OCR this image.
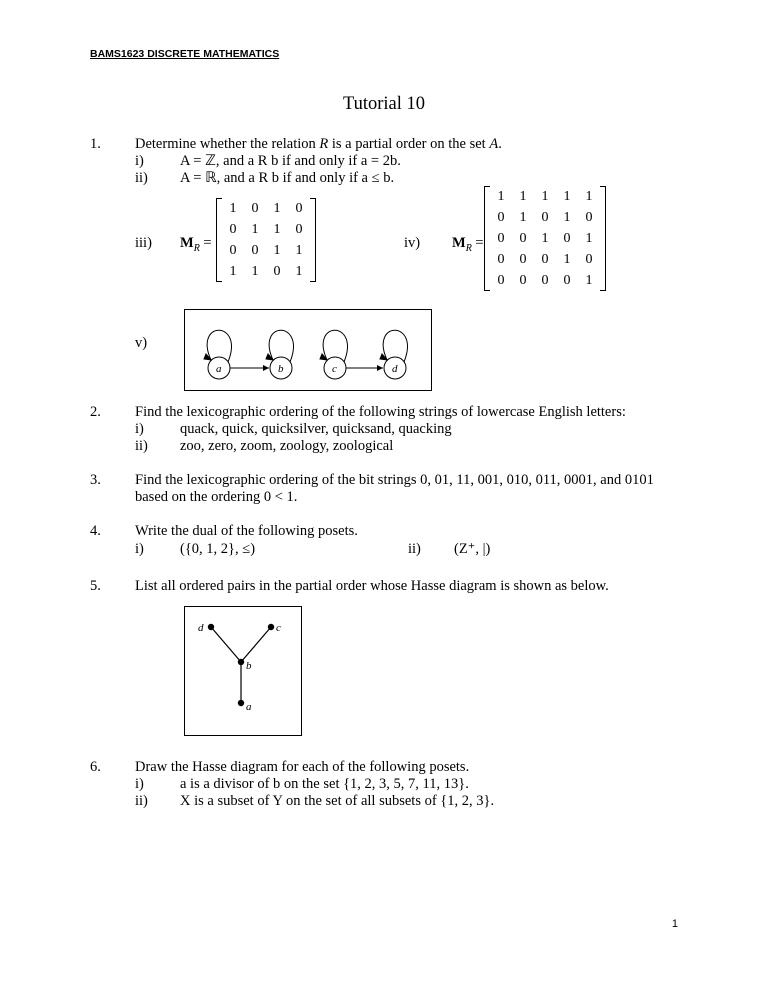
BAMS1623 DISCRETE MATHEMATICS
Tutorial 10
1. Determine whether the relation R is a partial order on the set A.
i) A = ℤ, and a R b if and only if a = 2b.
ii) A = ℝ, and a R b if and only if a ≤ b.
iii) $M_R$ =
1	0	1	0
0	1	1	0
0	0	1	1
1	1	0	1
iv) $M_R$ =
1	1	1	1	1
0	1	0	1	0
0	0	1	0	1
0	0	0	1	0
0	0	0	0	1
v)
a	b	c	d
2. Find the lexicographic ordering of the following strings of lowercase English letters:
i) quack, quick, quicksilver, quicksand, quacking
ii) zoo, zero, zoom, zoology, zoological
3. Find the lexicographic ordering of the bit strings 0, 01, 11, 001, 010, 011, 0001, and 0101
based on the ordering 0 < 1.
4. Write the dual of the following posets.
i) ({0, 1, 2}, ≤)	ii) (Z⁺, |)
5. List all ordered pairs in the partial order whose Hasse diagram is shown as below.
d	c
b
a
6. Draw the Hasse diagram for each of the following posets.
i) a is a divisor of b on the set {1, 2, 3, 5, 7, 11, 13}.
ii) X is a subset of Y on the set of all subsets of {1, 2, 3}.
1
